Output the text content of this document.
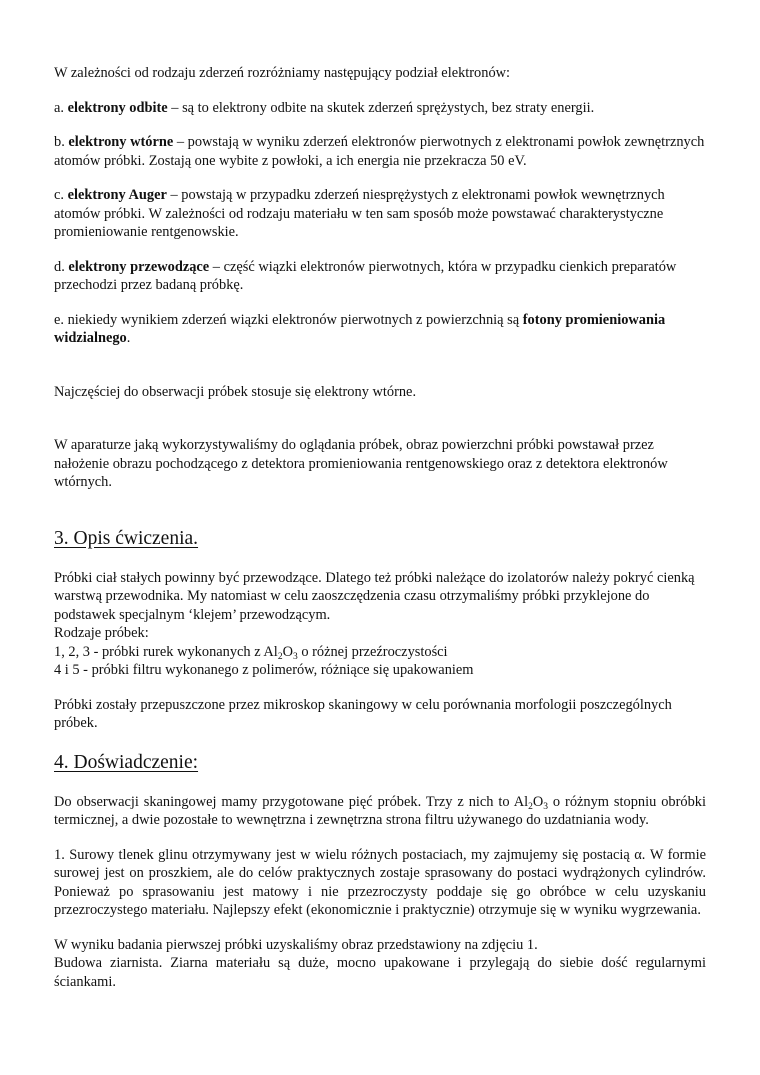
W zależności od rodzaju zderzeń rozróżniamy następujący podział elektronów:

a. elektrony odbite – są to elektrony odbite na skutek zderzeń sprężystych, bez straty energii.

b. elektrony wtórne – powstają w wyniku zderzeń elektronów pierwotnych z elektronami powłok zewnętrznych atomów próbki. Zostają one wybite z powłoki, a ich energia nie przekracza 50 eV.

c. elektrony Auger – powstają w przypadku zderzeń niesprężystych z elektronami powłok wewnętrznych atomów próbki. W zależności od rodzaju materiału w ten sam sposób może powstawać charakterystyczne promieniowanie rentgenowskie.

d. elektrony przewodzące – część wiązki elektronów pierwotnych, która w przypadku cienkich preparatów przechodzi przez badaną próbkę.

e. niekiedy wynikiem zderzeń wiązki elektronów pierwotnych z powierzchnią są fotony promieniowania widzialnego.

Najczęściej do obserwacji próbek stosuje się elektrony wtórne.

W aparaturze jaką wykorzystywaliśmy do oglądania próbek, obraz powierzchni próbki powstawał przez nałożenie obrazu pochodzącego z detektora promieniowania rentgenowskiego oraz z detektora elektronów wtórnych.

3. Opis ćwiczenia.

Próbki ciał stałych powinny być przewodzące. Dlatego też próbki należące do izolatorów należy pokryć cienką warstwą przewodnika. My natomiast w celu zaoszczędzenia czasu otrzymaliśmy próbki przyklejone do podstawek specjalnym ‘klejem’ przewodzącym.

Rodzaje próbek:

1, 2, 3 - próbki rurek wykonanych z $Al_2O_3$ o różnej przeźroczystości

4 i 5 - próbki filtru wykonanego z polimerów, różniące się upakowaniem

Próbki zostały przepuszczone przez mikroskop skaningowy w celu porównania morfologii poszczególnych próbek.

4. Doświadczenie:

Do obserwacji skaningowej mamy przygotowane pięć próbek. Trzy z nich to $Al_2O_3$ o różnym stopniu obróbki termicznej, a dwie pozostałe to wewnętrzna i zewnętrzna strona filtru używanego do uzdatniania wody.

1. Surowy tlenek glinu otrzymywany jest w wielu różnych postaciach, my zajmujemy się postacią α. W formie surowej jest on proszkiem, ale do celów praktycznych zostaje sprasowany do postaci wydrążonych cylindrów. Ponieważ po sprasowaniu jest matowy i nie przezroczysty poddaje się go obróbce w celu uzyskaniu przezroczystego materiału. Najlepszy efekt (ekonomicznie i praktycznie) otrzymuje się w wyniku wygrzewania.

W wyniku badania pierwszej próbki uzyskaliśmy obraz przedstawiony na zdjęciu 1.

Budowa ziarnista. Ziarna materiału są duże, mocno upakowane i przylegają do siebie dość regularnymi ściankami.
